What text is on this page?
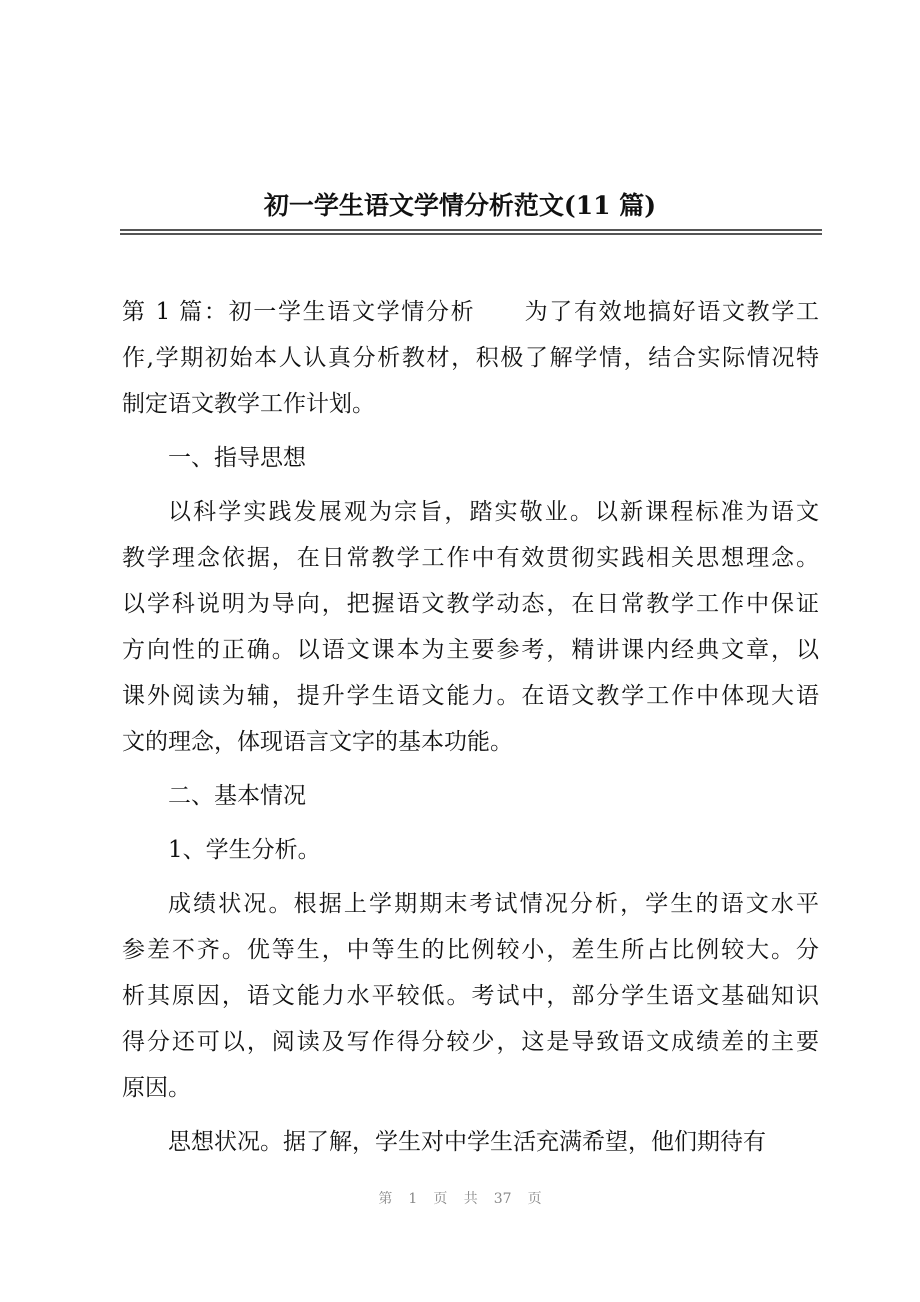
初一学生语文学情分析范文(11 篇)
第 1 篇：初一学生语文学情分析　　为了有效地搞好语文教学工
作,学期初始本人认真分析教材，积极了解学情，结合实际情况特
制定语文教学工作计划。
一、指导思想
以科学实践发展观为宗旨，踏实敬业。以新课程标准为语文
教学理念依据，在日常教学工作中有效贯彻实践相关思想理念。
以学科说明为导向，把握语文教学动态，在日常教学工作中保证
方向性的正确。以语文课本为主要参考，精讲课内经典文章，以
课外阅读为辅，提升学生语文能力。在语文教学工作中体现大语
文的理念，体现语言文字的基本功能。
二、基本情况
1、学生分析。
成绩状况。根据上学期期末考试情况分析，学生的语文水平
参差不齐。优等生，中等生的比例较小，差生所占比例较大。分
析其原因，语文能力水平较低。考试中，部分学生语文基础知识
得分还可以，阅读及写作得分较少，这是导致语文成绩差的主要
原因。
思想状况。据了解，学生对中学生活充满希望，他们期待有
第 1 页 共 37 页
